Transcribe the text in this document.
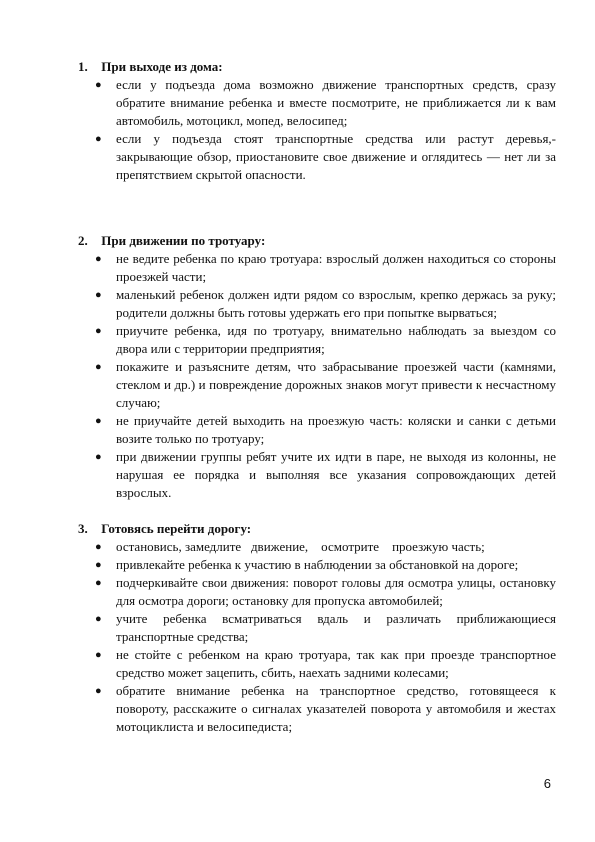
1. При выходе из дома:

● если у подъезда дома возможно движение транспортных средств, сразу обратите внимание ребенка и вместе посмотрите, не приближается ли к вам автомобиль, мотоцикл, мопед, велосипед;
● если у подъезда стоят транспортные средства или растут деревья,- закрывающие обзор, приостановите свое движение и оглядитесь — нет ли за препятствием скрытой опасности.

2. При движении по тротуару:

● не ведите ребенка по краю тротуара: взрослый должен находиться со стороны проезжей части;
● маленький ребенок должен идти рядом со взрослым, крепко держась за руку; родители должны быть готовы удержать его при попытке вырваться;
● приучите ребенка, идя по тротуару, внимательно наблюдать за выездом со двора или с территории предприятия;
● покажите и разъясните детям, что забрасывание проезжей части (камнями, стеклом и др.) и повреждение дорожных знаков могут привести к несчастному случаю;
● не приучайте детей выходить на проезжую часть: коляски и санки с детьми возите только по тротуару;
● при движении группы ребят учите их идти в паре, не выходя из колонны, не нарушая ее порядка и выполняя все указания сопровождающих детей взрослых.

3. Готовясь перейти дорогу:

● остановись, замедлите   движение,    осмотрите    проезжую часть;
● привлекайте ребенка к участию в наблюдении за обстановкой на дороге;
● подчеркивайте свои движения: поворот головы для осмотра улицы, остановку для осмотра дороги; остановку для пропуска автомобилей;
● учите ребенка всматриваться вдаль и различать приближающиеся транспортные средства;
● не стойте с ребенком на краю тротуара, так как при проезде транспортное средство может зацепить, сбить, наехать задними колесами;
● обратите внимание ребенка на транспортное средство, готовящееся к повороту, расскажите о сигналах указателей поворота у автомобиля и жестах мотоциклиста и велосипедиста;
6
